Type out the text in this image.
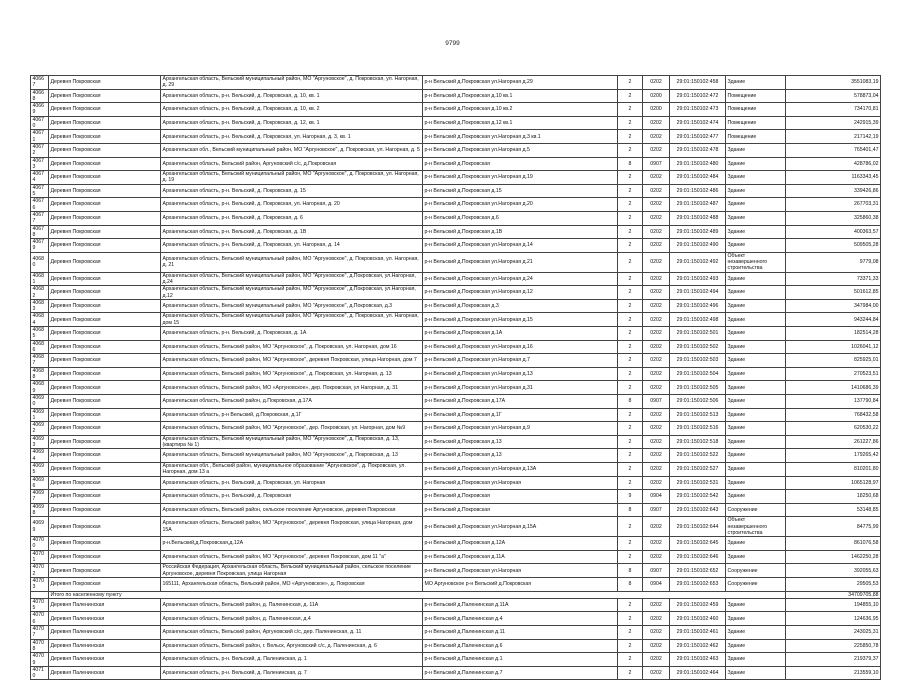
9799
40667	Деревня Покровская	Архангельская область, Вельский муниципальный район, МО "Аргуновское", д. Покровская, ул. Нагорная, д. 29	р-н Вельский д.Покровская ул.Нагорная д.29	2	0202	29:01:150102:458	Здание	3551083,19
40668	Деревня Покровская	Архангельская область, р-н. Вельский, д. Покровская, д. 10, кв. 1	р-н Вельский д.Покровская д.10 кв.1	2	0200	29:01:150102:472	Помещение	578873,04
40669	Деревня Покровская	Архангельская область, р-н. Вельский, д. Покровская, д. 10, кв. 2	р-н Вельский д.Покровская д.10 кв.2	2	0200	29:01:150102:473	Помещение	734170,81
40670	Деревня Покровская	Архангельская область, р-н. Вельский, д. Покровская, д. 12, кв. 1	р-н Вельский д.Покровская д.12 кв.1	2	0202	29:01:150102:474	Помещение	242915,39
40671	Деревня Покровская	Архангельская область, р-н. Вельский, д. Покровская, ул. Нагорная, д. 3, кв. 1	р-н Вельский д.Покровская ул.Нагорная д.3 кв.1	2	0202	29:01:150102:477	Помещение	217142,19
40672	Деревня Покровская	Архангельская обл., Вельский муниципальный район, МО "Аргуновское", д. Покровская, ул. Нагорная, д. 5	р-н Вельский д.Покровская ул.Нагорная д.5	2	0202	29:01:150102:478	Здание	765401,47
40673	Деревня Покровская	Архангельская область, Вельский район, Аргуновский с/с, д.Покровская	р-н Вельский д.Покровская	8	0907	29:01:150102:480	Здание	428786,02
40674	Деревня Покровская	Архангельская область, Вельский муниципальный район, МО "Аргуновское", д. Покровская, ул. Нагорная, д. 19	р-н Вельский д.Покровская ул.Нагорная д.19	2	0202	29:01:150102:484	Здание	1163343,45
40675	Деревня Покровская	Архангельская область, р-н. Вельский, д. Покровская, д. 15	р-н Вельский д.Покровская д.15	2	0202	29:01:150102:486	Здание	339426,86
40676	Деревня Покровская	Архангельская область, р-н. Вельский, д. Покровская, ул. Нагорная, д. 20	р-н Вельский д.Покровская ул.Нагорная д.20	2	0202	29:01:150102:487	Здание	267703,31
40677	Деревня Покровская	Архангельская область, р-н. Вельский, д. Покровская, д. 6	р-н Вельский д.Покровская д.6	2	0202	29:01:150102:488	Здание	325860,38
40678	Деревня Покровская	Архангельская область, р-н. Вельский, д. Покровская, д. 1В	р-н Вельский д.Покровская д.1В	2	0202	29:01:150102:489	Здание	400363,57
40679	Деревня Покровская	Архангельская область, р-н. Вельский, д. Покровская, ул. Нагорная, д. 14	р-н Вельский д.Покровская ул.Нагорная д.14	2	0202	29:01:150102:490	Здание	509505,28
40680	Деревня Покровская	Архангельская область, Вельский муниципальный район, МО "Аргуновское", д. Покровская, ул. Нагорная, д. 21	р-н Вельский д.Покровская ул.Нагорная д.21	2	0202	29:01:150102:492	Объект незавершенного строительства	9779,08
40681	Деревня Покровская	Архангельская область, Вельский муниципальный район, МО "Аргуновское", д.Покровская, ул.Нагорная, д.24	р-н Вельский д.Покровская ул.Нагорная д.24	2	0202	29:01:150102:493	Здание	73371,33
40682	Деревня Покровская	Архангельская область, Вельский муниципальный район, МО "Аргуновское", д.Покровская, ул.Нагорная, д.12	р-н Вельский д.Покровская ул.Нагорная д.12	2	0202	29:01:150102:494	Здание	501612,85
40683	Деревня Покровская	Архангельская область, Вельский муниципальный район, МО "Аргуновское", д.Покровская, д.3	р-н Вельский д.Покровская д.3	2	0202	29:01:150102:496	Здание	347984,00
40684	Деревня Покровская	Архангельская область, Вельский муниципальный район, МО "Аргуновское", д. Покровская, ул. Нагорная, дом 15	р-н Вельский д.Покровская ул.Нагорная д.15	2	0202	29:01:150102:498	Здание	943244,84
40685	Деревня Покровская	Архангельская область, р-н. Вельский, д. Покровская, д. 1А	р-н Вельский д.Покровская д.1А	2	0202	29:01:150102:501	Здание	182514,28
40686	Деревня Покровская	Архангельская область, Вельский район, МО "Аргуновское", д. Покровская, ул. Нагорная, дом 16	р-н Вельский д.Покровская ул.Нагорная д.16	2	0202	29:01:150102:502	Здание	1026041,12
40687	Деревня Покровская	Архангельская область, Вельский район, МО "Аргуновское", деревня Покровская, улица Нагорная, дом 7	р-н Вельский д.Покровская ул.Нагорная д.7	2	0202	29:01:150102:503	Здание	825925,01
40688	Деревня Покровская	Архангельская область, Вельский район, МО "Аргуновское", д. Покровская, ул. Нагорная, д. 13	р-н Вельский д.Покровская ул.Нагорная д.13	2	0202	29:01:150102:504	Здание	270523,51
40689	Деревня Покровская	Архангельская область, Вельский район, МО «Аргуновское», дер. Покровская, ул Нагорная, д. 31	р-н Вельский д.Покровская ул.Нагорная д.31	2	0202	29:01:150102:505	Здание	1410686,39
40690	Деревня Покровская	Архангельская область, Вельский район, д.Покровская, д.17А	р-н Вельский д.Покровская д.17А	8	0907	29:01:150102:506	Здание	137790,84
40691	Деревня Покровская	Архангельская область, р-н Вельский, д.Покровская, д.1Г	р-н Вельский д.Покровская д.1Г	2	0202	29:01:150102:513	Здание	768432,58
40692	Деревня Покровская	Архангельская область, Вельский район, МО "Аргуновское", дер. Покровская, ул. Нагорная, дом №9	р-н Вельский д.Покровская ул.Нагорная д.9	2	0202	29:01:150102:516	Здание	620530,22
40693	Деревня Покровская	Архангельская область, Вельский муниципальный район, МО "Аргуновское", д. Покровская, д. 13, (квартира № 1)	р-н Вельский д.Покровская д.13	2	0202	29:01:150102:518	Здание	261227,86
40694	Деревня Покровская	Архангельская область, Вельский муниципальный район, МО "Аргуновское", д. Покровская, д. 13	р-н Вельский д.Покровская д.13	2	0202	29:01:150102:522	Здание	179265,42
40695	Деревня Покровская	Архангельская обл., Вельский район, муниципальное образование "Аргуновское", д. Покровская, ул. Нагорная, дом 13 а	р-н Вельский д.Покровская ул.Нагорная д.13А	2	0202	29:01:150102:527	Здание	810201,80
40696	Деревня Покровская	Архангельская область, р-н. Вельский, д. Покровская, ул. Нагорная	р-н Вельский д.Покровская ул.Нагорная	2	0202	29:01:150102:531	Здание	1065128,97
40697	Деревня Покровская	Архангельская область, р-н. Вельский, д. Покровская	р-н Вельский д.Покровская	9	0904	29:01:150102:542	Здание	18250,68
40698	Деревня Покровская	Архангельская область, Вельский район, сельское поселение Аргуновское, деревня Покровская	р-н Вельский д.Покровская	8	0907	29:01:150102:643	Сооружение	53148,85
40699	Деревня Покровская	Архангельская область, Вельский район, МО "Аргуновское", деревня Покровская, улица Нагорная, дом 15А	р-н Вельский д.Покровская ул.Нагорная д.15А	2	0202	29:01:150102:644	Объект незавершенного строительства	84775,99
40700	Деревня Покровская	р-н.Вельский,д.Покровская,д.12А	р-н Вельский д.Покровская д.12А	2	0202	29:01:150102:645	Здание	861076,58
40701	Деревня Покровская	Архангельская область, Вельский район, МО "Аргуновское", деревня Покровская, дом 11 "а"	р-н Вельский д.Покровская д.11А	2	0202	29:01:150102:646	Здание	1462250,28
40702	Деревня Покровская	Российская Федерация, Архангельская область, Вельский муниципальный район, сельское поселение Аргуновское, деревня Покровская, улица Нагорная	р-н Вельский д.Покровская ул.Нагорная	8	0907	29:01:150102:652	Сооружение	392055,63
40703	Деревня Покровская	165111, Архангельская область, Вельский район, МО «Аргуновское», д. Покровская	МО Аргуновское р-н Вельский д.Покровская	8	0904	29:01:150102:653	Сооружение	29505,53
	Итого по населенному пункту							34709705,88
40705	Деревня Паленинская	Архангельская область, Вельский район, д. Паленинская, д. 11А	р-н Вельский д.Паленинская д.11А	2	0202	29:01:150102:459	Здание	194855,10
40706	Деревня Паленинская	Архангельская область, Вельский район, д. Паленинская, д.4	р-н Вельский д.Паленинская д.4	2	0202	29:01:150102:460	Здание	124636,95
40707	Деревня Паленинская	Архангельская область, Вельский район, Аргуновский с/с, дер. Паленинская, д. 11	р-н Вельский д.Паленинская д.11	2	0202	29:01:150102:461	Здание	243025,31
40708	Деревня Паленинская	Архангельская область, Вельский район, г. Вельск, Аргуновский с/с, д. Паленинская, д. 6	р-н Вельский д.Паленинская д.6	2	0202	29:01:150102:462	Здание	225850,78
40709	Деревня Паленинская	Архангельская область, р-н. Вельский, д. Паленинская, д. 1	р-н Вельский д.Паленинская д.1	2	0202	29:01:150102:463	Здание	219379,37
40710	Деревня Паленинская	Архангельская область, р-н. Вельский, д. Паленинская, д. 7	р-н Вельский д.Паленинская д.7	2	0202	29:01:150102:464	Здание	213559,10
